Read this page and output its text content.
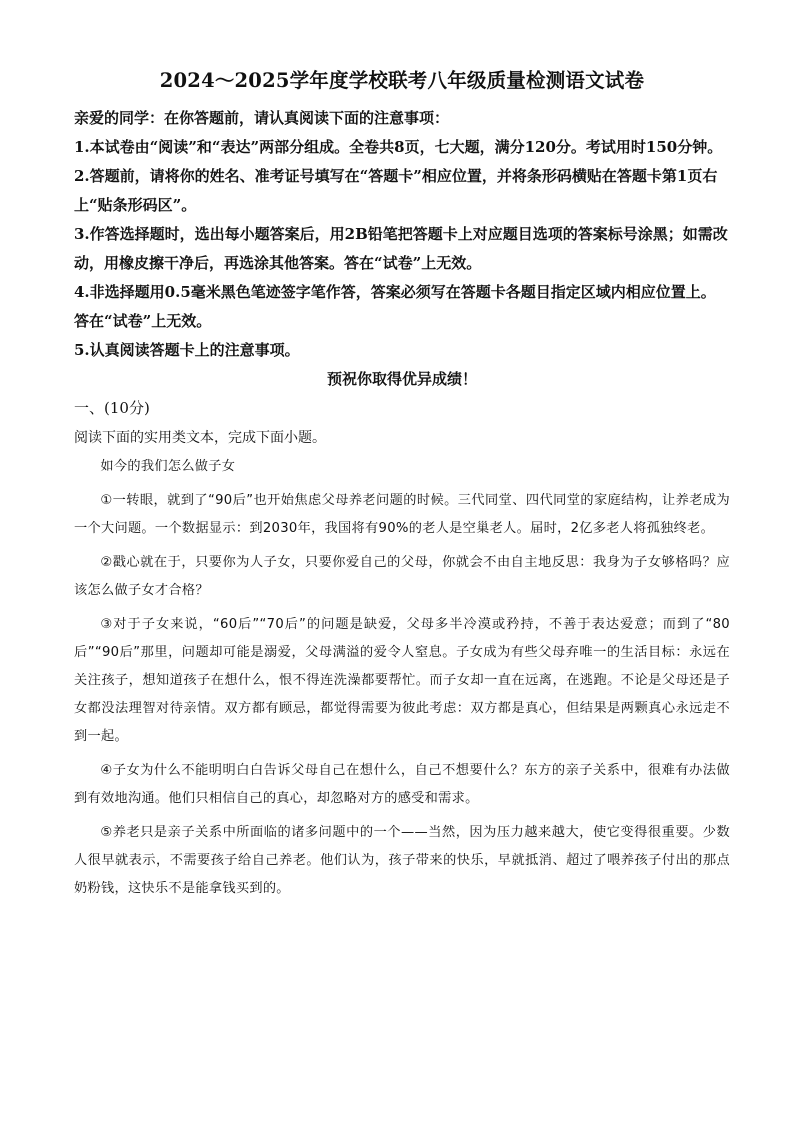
2024～2025学年度学校联考八年级质量检测语文试卷

亲爱的同学：在你答题前，请认真阅读下面的注意事项：

1.本试卷由“阅读”和“表达”两部分组成。全卷共8页，七大题，满分120分。考试用时150分钟。

2.答题前，请将你的姓名、准考证号填写在“答题卡”相应位置，并将条形码横贴在答题卡第1页右上“贴条形码区”。

3.作答选择题时，选出每小题答案后，用2B铅笔把答题卡上对应题目选项的答案标号涂黑；如需改动，用橡皮擦干净后，再选涂其他答案。答在“试卷”上无效。

4.非选择题用0.5毫米黑色笔迹签字笔作答，答案必须写在答题卡各题目指定区域内相应位置上。答在“试卷”上无效。

5.认真阅读答题卡上的注意事项。

预祝你取得优异成绩！

一、(10分)

阅读下面的实用类文本，完成下面小题。

如今的我们怎么做子女

①一转眼，就到了“90后”也开始焦虑父母养老问题的时候。三代同堂、四代同堂的家庭结构，让养老成为一个大问题。一个数据显示：到2030年，我国将有90%的老人是空巢老人。届时，2亿多老人将孤独终老。

②戳心就在于，只要你为人子女，只要你爱自己的父母，你就会不由自主地反思：我身为子女够格吗？应该怎么做子女才合格？

③对于子女来说，“60后”“70后”的问题是缺爱，父母多半冷漠或矜持，不善于表达爱意；而到了“80后”“90后”那里，问题却可能是溺爱，父母满溢的爱令人窒息。子女成为有些父母弃唯一的生活目标：永远在关注孩子，想知道孩子在想什么，恨不得连洗澡都要帮忙。而子女却一直在远离，在逃跑。不论是父母还是子女都没法理智对待亲情。双方都有顾忌，都觉得需要为彼此考虑：双方都是真心，但结果是两颗真心永远走不到一起。

④子女为什么不能明明白白告诉父母自己在想什么，自己不想要什么？东方的亲子关系中，很难有办法做到有效地沟通。他们只相信自己的真心，却忽略对方的感受和需求。

⑤养老只是亲子关系中所面临的诸多问题中的一个——当然，因为压力越来越大，使它变得很重要。少数人很早就表示，不需要孩子给自己养老。他们认为，孩子带来的快乐，早就抵消、超过了喂养孩子付出的那点奶粉钱，这快乐不是能拿钱买到的。
